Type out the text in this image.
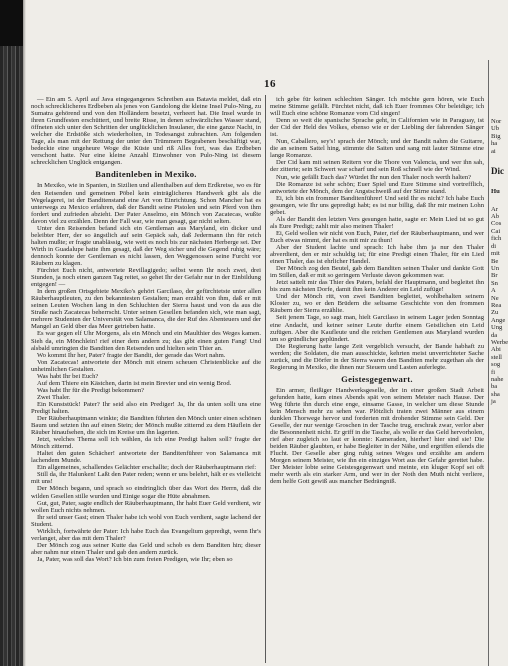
16

— Ein am 5. April auf Java eingegangenes Schreiben aus Batavia meldet, daß ein noch schrecklicheres Erdbeben als jenes von Gandolong die kleine Insel Pulo-Ning, zu Sumatra gehörend und von den Holländern besetzt, verheert hat. Die Insel wurde in ihren Grundfesten erschüttert, und breite Risse, in denen schwärzliches Wasser stand, öffneten sich unter den Schritten der unglücklichen Insulaner, die eine ganze Nacht, in welcher die Erdstöße sich wiederholten, in Todesangst zubrachten. Am folgenden Tage, als man mit der Rettung der unter den Trümmern Begrabenen beschäftigt war, bedeckte eine ungeheure Woge die Küste und riß Alles fort, was das Erdbeben verschont hatte. Nur eine kleine Anzahl Einwohner von Pulo-Ning ist diesem schrecklichen Unglück entgangen.

Banditenleben in Mexiko.

In Mexiko, wie in Spanien, in Sizilien und allenthalben auf dem Erdkreise, wo es für den Reisenden und gemeinen Pöbel kein einträglicheres Handwerk gibt als die Wegelagerei, ist der Banditenstand eine Art von Einrichtung. Schon Mancher hat es unterwegs zu Mexico erfahren, daß der Bandit seine Pistolen und sein Pferd von ihm fordert und zufrieden abzieht. Der Pater Anselmo, ein Mönch von Zacatecas, wußte davon viel zu erzählen. Denn der Fall war, wie man gesagt, gar nicht selten.

Unter den Reisenden befand sich ein Gentleman aus Maryland, ein dicker und beleibter Herr, der so ängstlich auf sein Gepäck sah, daß Jedermann ihn für reich halten mußte; er fragte unablässig, wie weit es noch bis zur nächsten Herberge sei. Der Wirth in Guadalupe hatte ihm gesagt, daß der Weg sicher und die Gegend ruhig wäre; dennoch konnte der Gentleman es nicht lassen, den Weggenossen seine Furcht vor Räubern zu klagen.

Fürchtet Euch nicht, antwortete Revillagigedo; selbst wenn Ihr noch zwei, drei Stunden, ja noch einen ganzen Tag reitet, so gehet Ihr der Gefahr nur in der Einbildung entgegen! —

In dem großen Ortsgebiete Mexiko's gehört Garcilaso, der gefürchtetste unter allen Räuberhauptleuten, zu den bekanntesten Gestalten; man erzählt von ihm, daß er mit seinen Leuten Wochen lang in den Schluchten der Sierra haust und von da aus die Straße nach Zacatecas beherrscht. Unter seinen Gesellen befanden sich, wie man sagt, mehrere Studenten der Universität von Salamanca, die der Ruf des Abenteuers und der Mangel an Geld über das Meer getrieben hatte.

Es war gegen elf Uhr Morgens, als ein Mönch und ein Maulthier des Weges kamen. Sieh da, ein Mönchlein! rief einer dem andern zu; das gibt einen guten Fang! Und alsbald umringten die Banditen den Reisenden und hielten sein Thier an.

Wo kommt Ihr her, Pater? fragte der Bandit, der gerade das Wort nahm.

Von Zacatecas! antwortete der Mönch mit einem scheuen Christenblicke auf die unheimlichen Gestalten.

Was habt Ihr bei Euch?

Auf dem Thiere ein Kästchen, darin ist mein Brevier und ein wenig Brod.

Was habt Ihr für die Predigt bekommen?

Zwei Thaler.

Ein Kunststück! Pater? Ihr seid also ein Prediger! Ja, Ihr da unten sollt uns eine Predigt halten.

Der Räuberhauptmann winkte; die Banditen führten den Mönch unter einen schönen Baum und setzten ihn auf einen Stein; der Mönch mußte zitternd zu dem Häuflein der Räuber hinaufsehen, die sich im Kreise um ihn lagerten.

Jetzt, welches Thema soll ich wählen, da ich eine Predigt halten soll? fragte der Mönch zitternd.

Haltet den guten Schächer! antwortete der Banditenführer von Salamanca mit lachendem Munde.

Ein allgemeines, schallendes Gelächter erschallte; doch der Räuberhauptmann rief:

Still da, ihr Halunken! Laßt den Pater reden; wenn er uns belehrt, hält er es vielleicht mit uns!

Der Mönch begann, und sprach so eindringlich über das Wort des Herrn, daß die wilden Gesellen stille wurden und Einige sogar die Hüte abnahmen.

Gut, gut, Pater, sagte endlich der Räuberhauptmann, Ihr habt Euer Geld verdient, wir wollen Euch nichts nehmen.

Ihr seid unser Gast; einen Thaler habe ich wohl von Euch verdient, sagte lachend der Student.

Wirklich, fortwährte der Pater: Ich habe Euch das Evangelium gepredigt, wenn Ihr's verlanget, aber das mit dem Thaler?

Der Mönch zog aus seiner Kutte das Geld und schob es dem Banditen hin; dieser aber nahm nur einen Thaler und gab den andern zurück.

Ja, Pater, was soll das Wort? Ich bin zum freien Predigen, wie Ihr; eben so

ich gebe für keinen schlechten Sänger. Ich möchte gern hören, wie Euch meine Stimme gefällt. Fürchtet nicht, daß ich Euer frommes Ohr beleidige; ich will Euch eine schöne Romanze vom Cid singen!

Denn so weit die spanische Sprache geht, in Californien wie in Paraguay, ist der Cid der Held des Volkes, ebenso wie er der Liebling der fahrenden Sänger ist.

Nun, Caballero, sey's! sprach der Mönch; und der Bandit nahm die Guitarre, die an seinem Sattel hing, stimmte die Saiten und sang mit lauter Stimme eine lange Romanze.

Der Cid kam mit seinen Reitern vor die Thore von Valencia, und wer ihn sah, der zitterte; sein Schwert war scharf und sein Roß schnell wie der Wind.

Nun, wie gefällt Euch das? Würdet Ihr nun den Thaler noch werth halten?

Die Romanze ist sehr schön; Euer Spiel und Eure Stimme sind vortrefflich, antwortete der Mönch, dem der Angstschweiß auf der Stirne stand.

Ei, ich bin ein frommer Banditenführer! Und seid Ihr es nicht? Ich habe Euch gesungen, wie Ihr uns gepredigt habt; es ist nur billig, daß Ihr mir meinen Lohn gebet.

Als der Bandit den letzten Vers gesungen hatte, sagte er: Mein Lied ist so gut als Eure Predigt; zahlt mir also meinen Thaler!

Ei, Geld wollen wir nicht von Euch, Pater, rief der Räuberhauptmann, und wer Euch etwas nimmt, der hat es mit mir zu thun!

Aber der Student lachte und sprach: Ich habe ihm ja nur den Thaler abverdient, den er mir schuldig ist; für eine Predigt einen Thaler, für ein Lied einen Thaler, das ist ehrlicher Handel.

Der Mönch zog den Beutel, gab dem Banditen seinen Thaler und dankte Gott im Stillen, daß er mit so geringem Verluste davon gekommen war.

Jetzt sattelt mir das Thier des Paters, befahl der Hauptmann, und begleitet ihn bis zum nächsten Dorfe, damit ihm kein Anderer ein Leid zufüge!

Und der Mönch ritt, von zwei Banditen begleitet, wohlbehalten seinem Kloster zu, wo er den Brüdern die seltsame Geschichte von den frommen Räubern der Sierra erzählte.

Seit jenem Tage, so sagt man, hielt Garcilaso in seinem Lager jeden Sonntag eine Andacht, und keiner seiner Leute durfte einem Geistlichen ein Leid zufügen. Aber die Kaufleute und die reichen Gentlemen aus Maryland wurden um so gründlicher geplündert.

Die Regierung hatte lange Zeit vergeblich versucht, der Bande habhaft zu werden; die Soldaten, die man ausschickte, kehrten meist unverrichteter Sache zurück, und die Dörfer in der Sierra waren den Banditen mehr zugethan als der Regierung in Mexiko, die ihnen nur Steuern und Lasten auferlegte.

Geistesgegenwart.

Ein armer, fleißiger Handwerksgeselle, der in einer großen Stadt Arbeit gefunden hatte, kam eines Abends spät von seinem Meister nach Hause. Der Weg führte ihn durch eine enge, einsame Gasse, in welcher um diese Stunde kein Mensch mehr zu sehen war. Plötzlich traten zwei Männer aus einem dunklen Thorwege hervor und forderten mit drohender Stimme sein Geld. Der Geselle, der nur wenige Groschen in der Tasche trug, erschrak zwar, verlor aber die Besonnenheit nicht. Er griff in die Tasche, als wolle er das Geld hervorholen, rief aber zugleich so laut er konnte: Kameraden, hierher! hier sind sie! Die beiden Räuber glaubten, er habe Begleiter in der Nähe, und ergriffen eilends die Flucht. Der Geselle aber ging ruhig seines Weges und erzählte am andern Morgen seinem Meister, wie ihn ein einziges Wort aus der Gefahr gerettet habe. Der Meister lobte seine Geistesgegenwart und meinte, ein kluger Kopf sei oft mehr werth als ein starker Arm, und wer in der Noth den Muth nicht verliere, dem helfe Gott gewiß aus mancher Bedrängniß.

Nor
Ub
Big
ha
ai

Dic

Hu

Ar
Ab
Cos
Cai
fich
di
mit
Be
Un
Br
Sn
A
Ne
Rea
Zu
Ange
Ung
da
Werbe
Abi
stell
sog
fi
nahe
ba
sha
ja
